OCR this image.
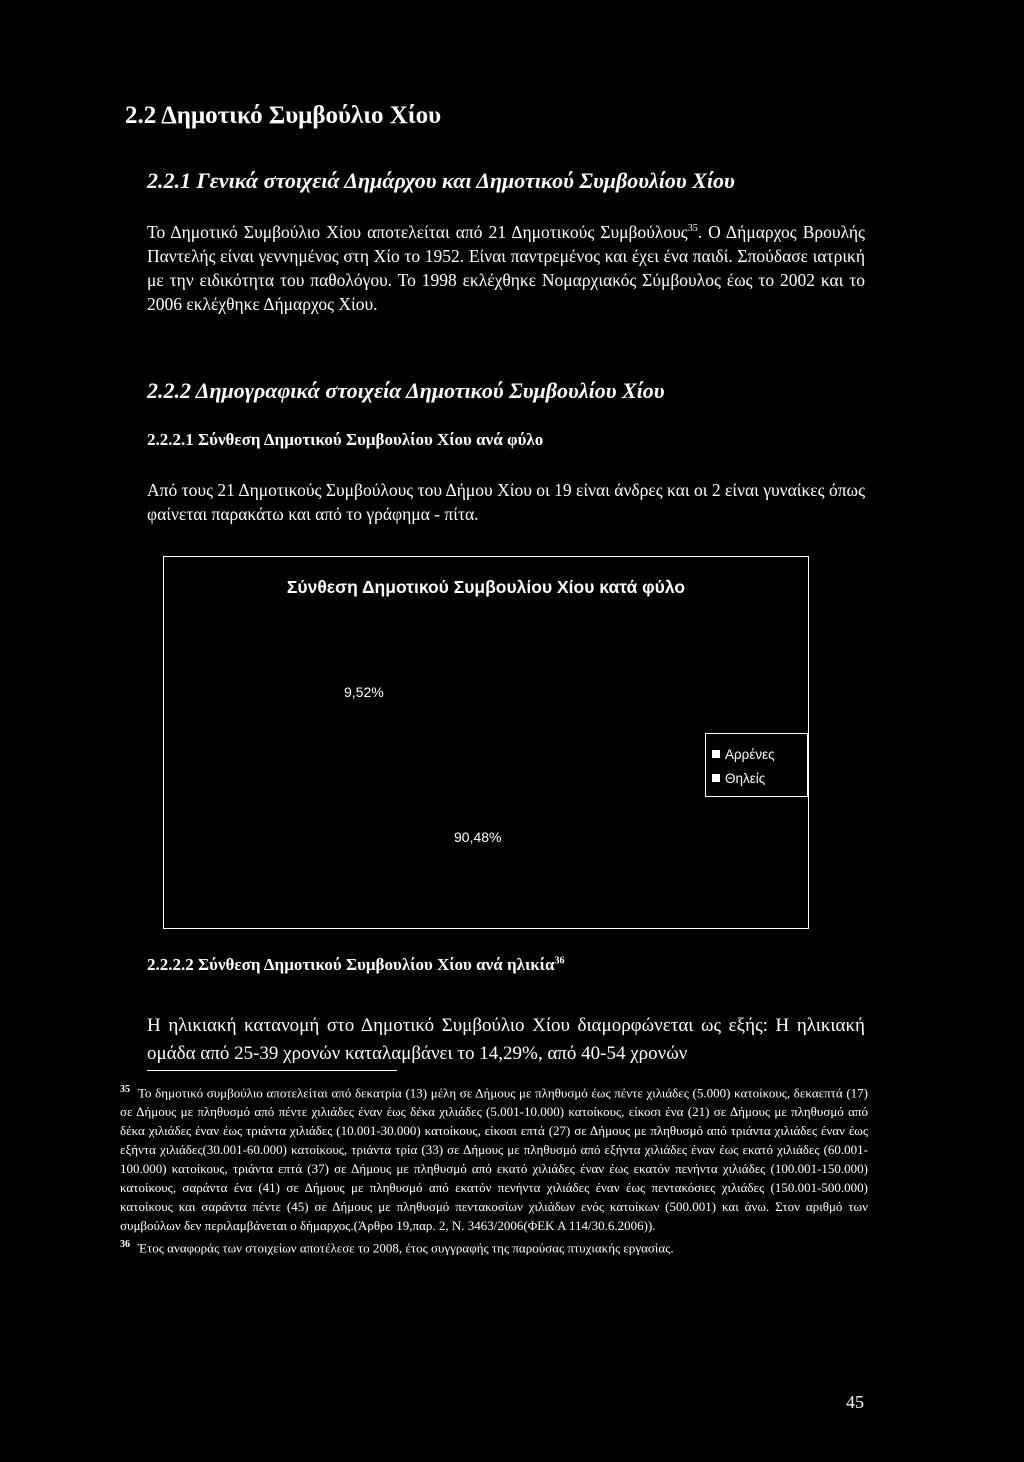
2.2 Δημοτικό Συμβούλιο Χίου
2.2.1 Γενικά στοιχειά Δημάρχου και Δημοτικού Συμβουλίου Χίου
Το Δημοτικό Συμβούλιο Χίου αποτελείται από 21 Δημοτικούς Συμβούλους$^{35}$. Ο Δήμαρχος Βρουλής Παντελής είναι γεννημένος στη Χίο το 1952. Είναι παντρεμένος και έχει ένα παιδί. Σπούδασε ιατρική με την ειδικότητα του παθολόγου. Το 1998 εκλέχθηκε Νομαρχιακός Σύμβουλος έως το 2002 και το 2006 εκλέχθηκε Δήμαρχος Χίου.
2.2.2 Δημογραφικά στοιχεία Δημοτικού Συμβουλίου Χίου
2.2.2.1 Σύνθεση Δημοτικού Συμβουλίου Χίου ανά φύλο
Από τους 21 Δημοτικούς Συμβούλους του Δήμου Χίου οι 19 είναι άνδρες και οι 2 είναι γυναίκες όπως φαίνεται παρακάτω και από το γράφημα - πίτα.
Σύνθεση Δημοτικού Συμβουλίου Χίου κατά φύλο
9,52%
90,48%
Αρρένες
Θηλείς
2.2.2.2 Σύνθεση Δημοτικού Συμβουλίου Χίου ανά ηλικία$^{36}$
Η ηλικιακή κατανομή στο Δημοτικό Συμβούλιο Χίου διαμορφώνεται ως εξής: Η ηλικιακή ομάδα από 25-39 χρονών καταλαμβάνει το 14,29%, από 40-54 χρονών

$^{35}$ Το δημοτικό συμβούλιο αποτελείται από δεκατρία (13) μέλη σε Δήμους με πληθυσμό έως πέντε χιλιάδες (5.000) κατοίκους, δεκαεπτά (17) σε Δήμους με πληθυσμό από πέντε χιλιάδες έναν έως δέκα χιλιάδες (5.001-10.000) κατοίκους, είκοσι ένα (21) σε Δήμους με πληθυσμό από δέκα χιλιάδες έναν έως τριάντα χιλιάδες (10.001-30.000) κατοίκους, είκοσι επτά (27) σε Δήμους με πληθυσμό από τριάντα χιλιάδες έναν έως εξήντα χιλιάδες(30.001-60.000) κατοίκους, τριάντα τρία (33) σε Δήμους με πληθυσμό από εξήντα χιλιάδες έναν έως εκατό χιλιάδες (60.001-100.000) κατοίκους, τριάντα επτά (37) σε Δήμους με πληθυσμό από εκατό χιλιάδες έναν έως εκατόν πενήντα χιλιάδες (100.001-150.000) κατοίκους, σαράντα ένα (41) σε Δήμους με πληθυσμό από εκατόν πενήντα χιλιάδες έναν έως πεντακόσιες χιλιάδες (150.001-500.000) κατοίκους και σαράντα πέντε (45) σε Δήμους με πληθυσμό πεντακοσίων χιλιάδων ενός κατοίκων (500.001) και άνω. Στον αριθμό των συμβούλων δεν περιλαμβάνεται ο δήμαρχος.(Άρθρο 19,παρ. 2, Ν. 3463/2006(ΦΕΚ Α 114/30.6.2006)).

$^{36}$ Έτος αναφοράς των στοιχείων αποτέλεσε το 2008, έτος συγγραφής της παρούσας πτυχιακής εργασίας.

45
